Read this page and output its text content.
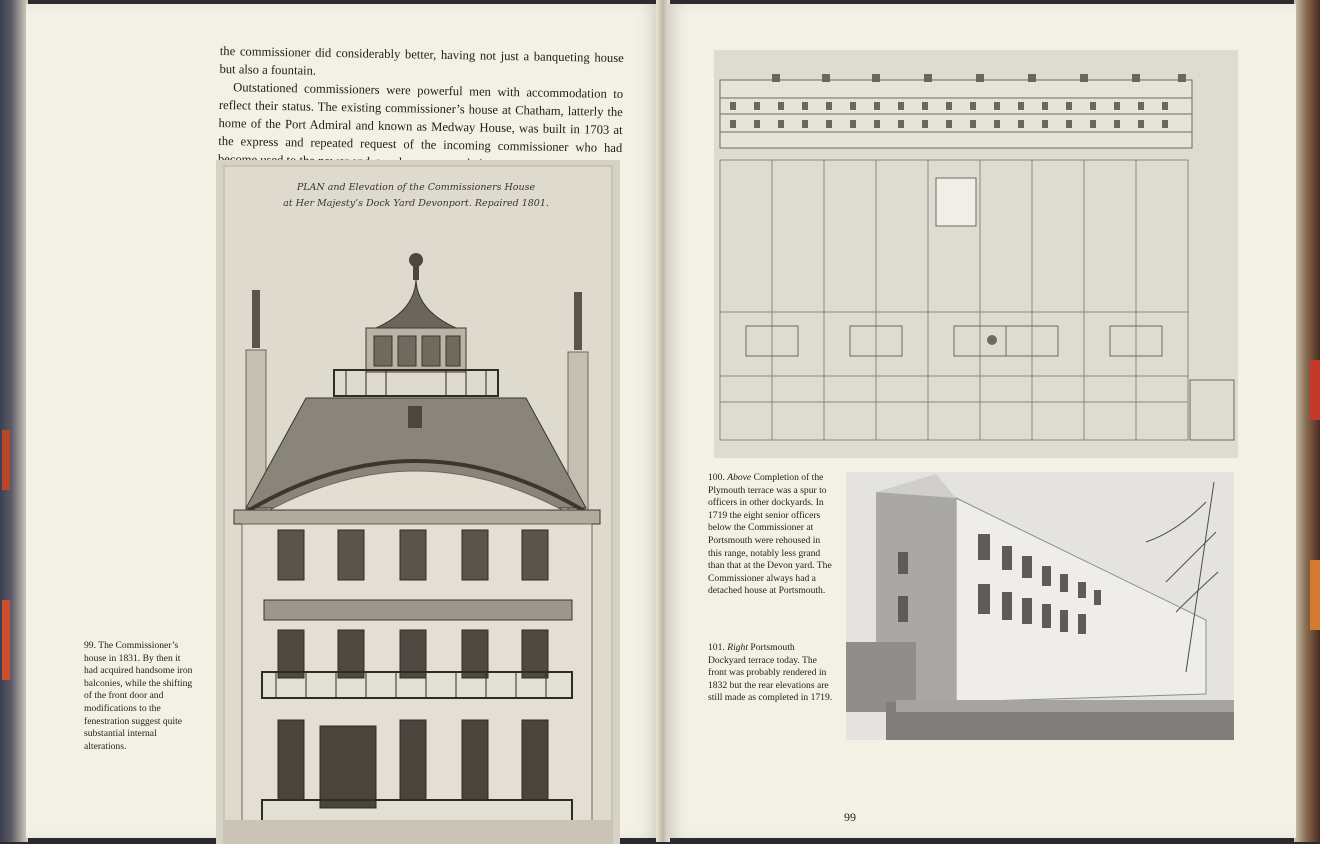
the commissioner did considerably better, having not just a banqueting house but also a fountain.

Outstationed commissioners were powerful men with accommodation to reflect their status. The existing commissioner’s house at Chatham, latterly the home of the Port Admiral and known as Medway House, was built in 1703 at the express and repeated request of the incoming commissioner who had

PLAN and Elevation of the Commissioners House
at Her Majesty’s Dock Yard Devonport. Repaired 1801.

99. The Commissioner’s house in 1831. By then it had acquired handsome iron balconies, while the shifting of the front door and modifications to the fenestration suggest quite substantial internal alterations.

100. Above Completion of the Plymouth terrace was a spur to officers in other dockyards. In 1719 the eight senior officers below the Commissioner at Portsmouth were rehoused in this range, notably less grand than that at the Devon yard. The Commissioner always had a detached house at Portsmouth.

101. Right Portsmouth Dockyard terrace today. The front was probably rendered in 1832 but the rear elevations are still made as completed in 1719.

99
